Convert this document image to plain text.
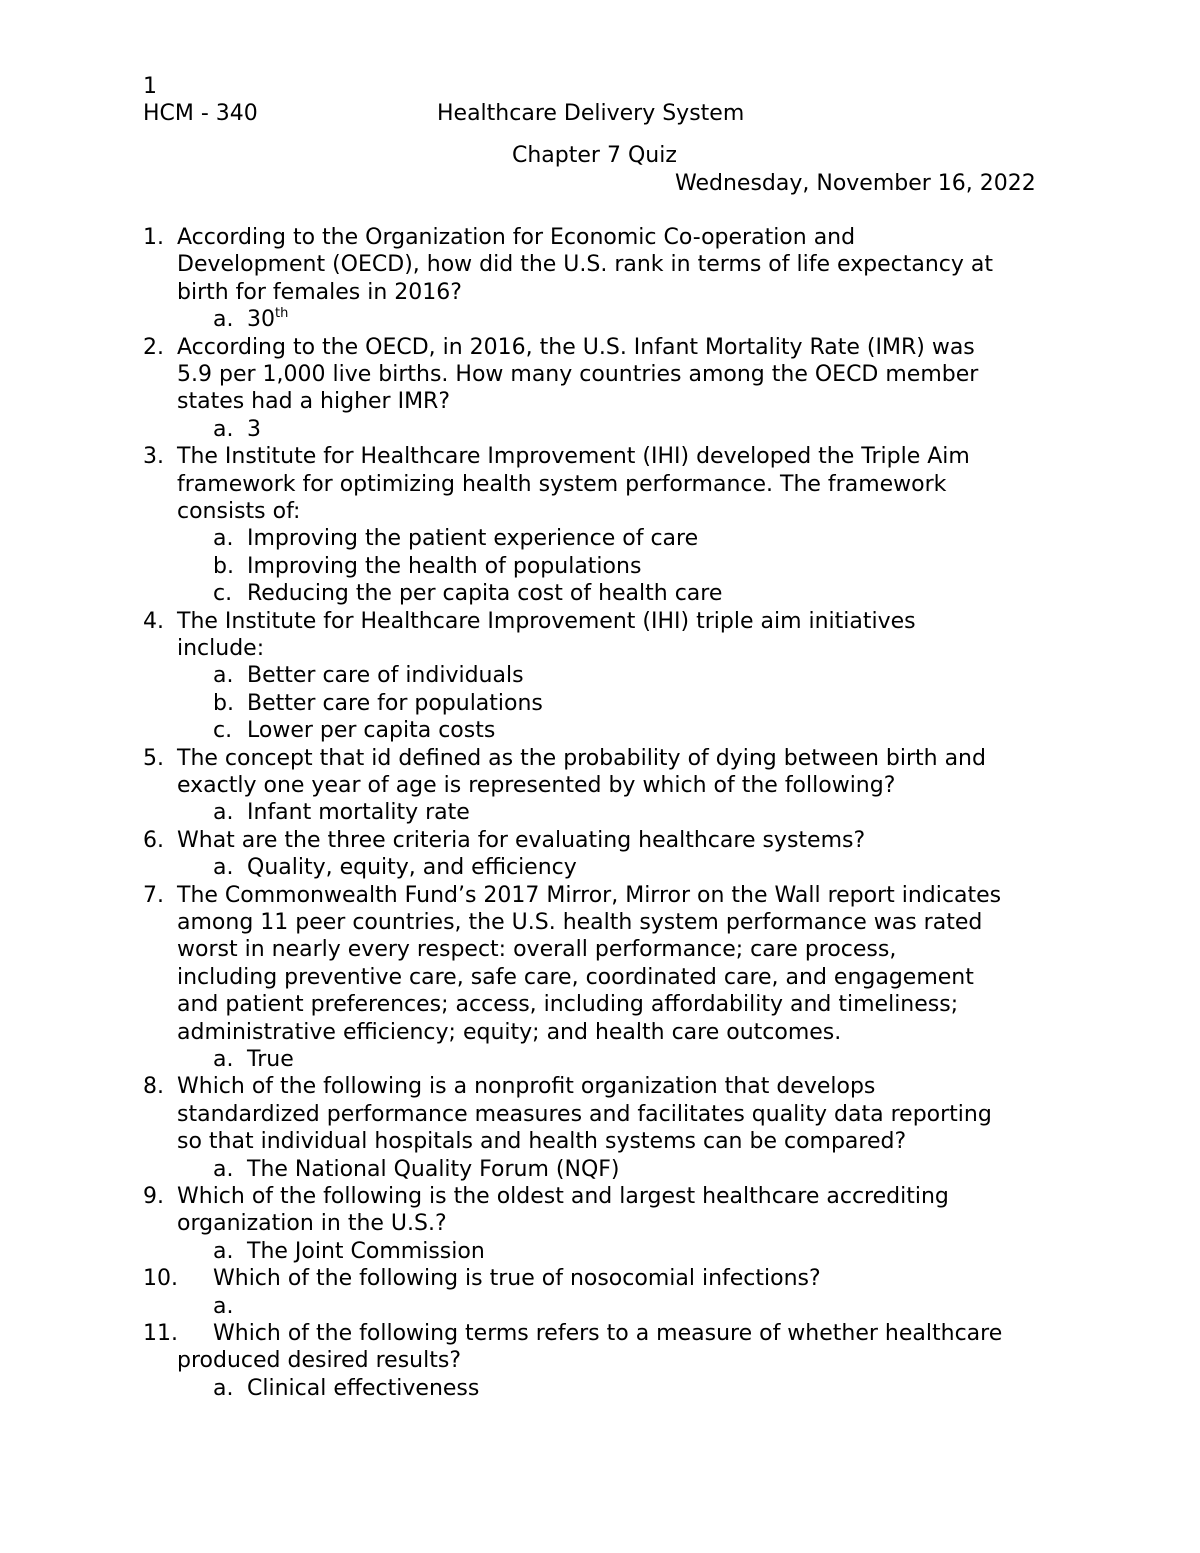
1
HCM - 340	Healthcare Delivery System
Chapter 7 Quiz
Wednesday, November 16, 2022
1. According to the Organization for Economic Co-operation and
Development (OECD), how did the U.S. rank in terms of life expectancy at
birth for females in 2016?
a. 30th
2. According to the OECD, in 2016, the U.S. Infant Mortality Rate (IMR) was
5.9 per 1,000 live births. How many countries among the OECD member
states had a higher IMR?
a. 3
3. The Institute for Healthcare Improvement (IHI) developed the Triple Aim
framework for optimizing health system performance. The framework
consists of:
a. Improving the patient experience of care
b. Improving the health of populations
c. Reducing the per capita cost of health care
4. The Institute for Healthcare Improvement (IHI) triple aim initiatives
include:
a. Better care of individuals
b. Better care for populations
c. Lower per capita costs
5. The concept that id defined as the probability of dying between birth and
exactly one year of age is represented by which of the following?
a. Infant mortality rate
6. What are the three criteria for evaluating healthcare systems?
a. Quality, equity, and efficiency
7. The Commonwealth Fund’s 2017 Mirror, Mirror on the Wall report indicates
among 11 peer countries, the U.S. health system performance was rated
worst in nearly every respect: overall performance; care process,
including preventive care, safe care, coordinated care, and engagement
and patient preferences; access, including affordability and timeliness;
administrative efficiency; equity; and health care outcomes.
a. True
8. Which of the following is a nonprofit organization that develops
standardized performance measures and facilitates quality data reporting
so that individual hospitals and health systems can be compared?
a. The National Quality Forum (NQF)
9. Which of the following is the oldest and largest healthcare accrediting
organization in the U.S.?
a. The Joint Commission
10. Which of the following is true of nosocomial infections?
a.
11. Which of the following terms refers to a measure of whether healthcare
produced desired results?
a. Clinical effectiveness
